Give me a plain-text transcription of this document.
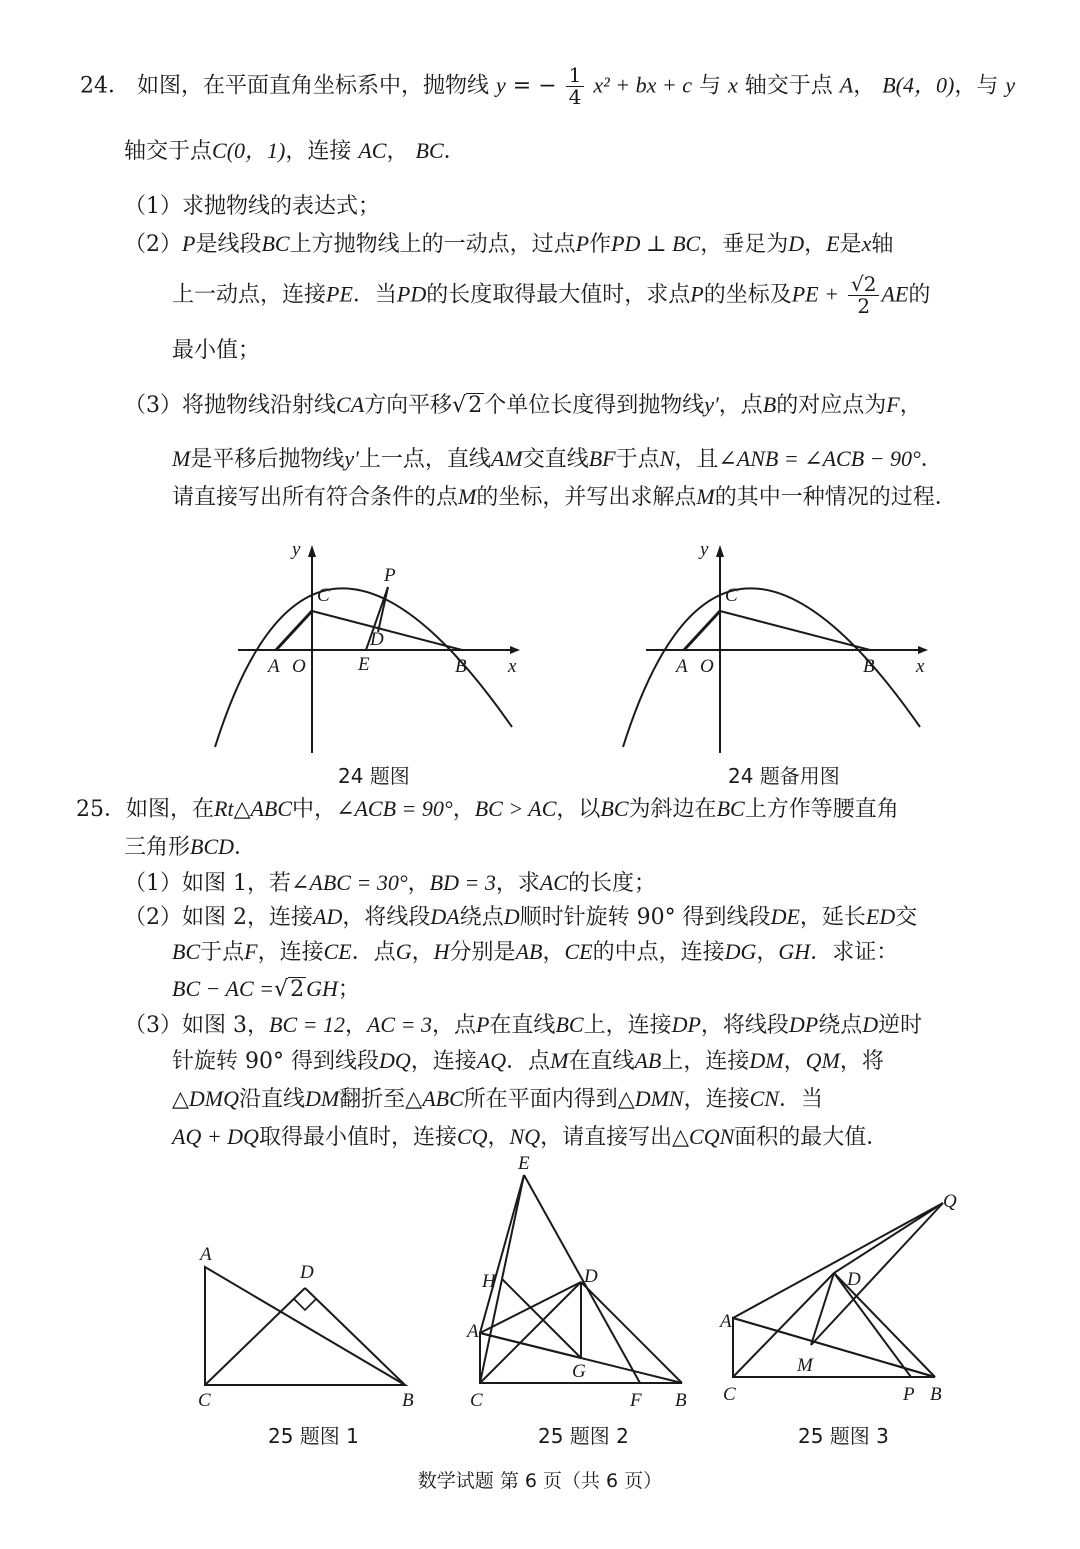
24． 如图，在平面直角坐标系中，抛物线 y = − $\frac{1}{4} x^2$ + bx + c 与 x 轴交于点 A， B(4，0)，与 y
轴交于点C(0，1)，连接 AC， BC．
（1）求抛物线的表达式；
（2）P是线段BC上方抛物线上的一动点，过点P作PD ⊥ BC，垂足为D，E是x轴
上一动点，连接PE．当PD的长度取得最大值时，求点P的坐标及PE + $\frac{√2}{2}$ AE的
最小值；
（3）将抛物线沿射线CA方向平移√2个单位长度得到抛物线y′，点B的对应点为F，
M是平移后抛物线y′上一点，直线AM交直线BF于点N，且∠ANB = ∠ACB − 90°．
请直接写出所有符合条件的点M的坐标，并写出求解点M的其中一种情况的过程．
y
C
P
D
A O	E	B x
24 题图
y
C
A O	B x
24 题备用图
25．如图，在Rt△ABC中，∠ACB = 90°，BC > AC，以BC为斜边在BC上方作等腰直角
三角形BCD．
（1）如图 1，若∠ABC = 30°，BD = 3，求AC的长度；
（2）如图 2，连接AD，将线段DA绕点D顺时针旋转 90° 得到线段DE，延长ED交
BC于点F，连接CE．点G，H分别是AB，CE的中点，连接DG，GH．求证：
BC − AC =√2GH；
（3）如图 3，BC = 12，AC = 3，点P在直线BC上，连接DP，将线段DP绕点D逆时
针旋转 90° 得到线段DQ，连接AQ．点M在直线AB上，连接DM，QM，将
△DMQ沿直线DM翻折至△ABC所在平面内得到△DMN，连接CN．当
AQ + DQ取得最小值时，连接CQ，NQ，请直接写出△CQN面积的最大值．
A
D
C	B
25 题图 1
E
H	D
A
G
C	F B
25 题图 2
Q
D
A
M
C	P B
25 题图 3
数学试题 第 6 页（共 6 页）
